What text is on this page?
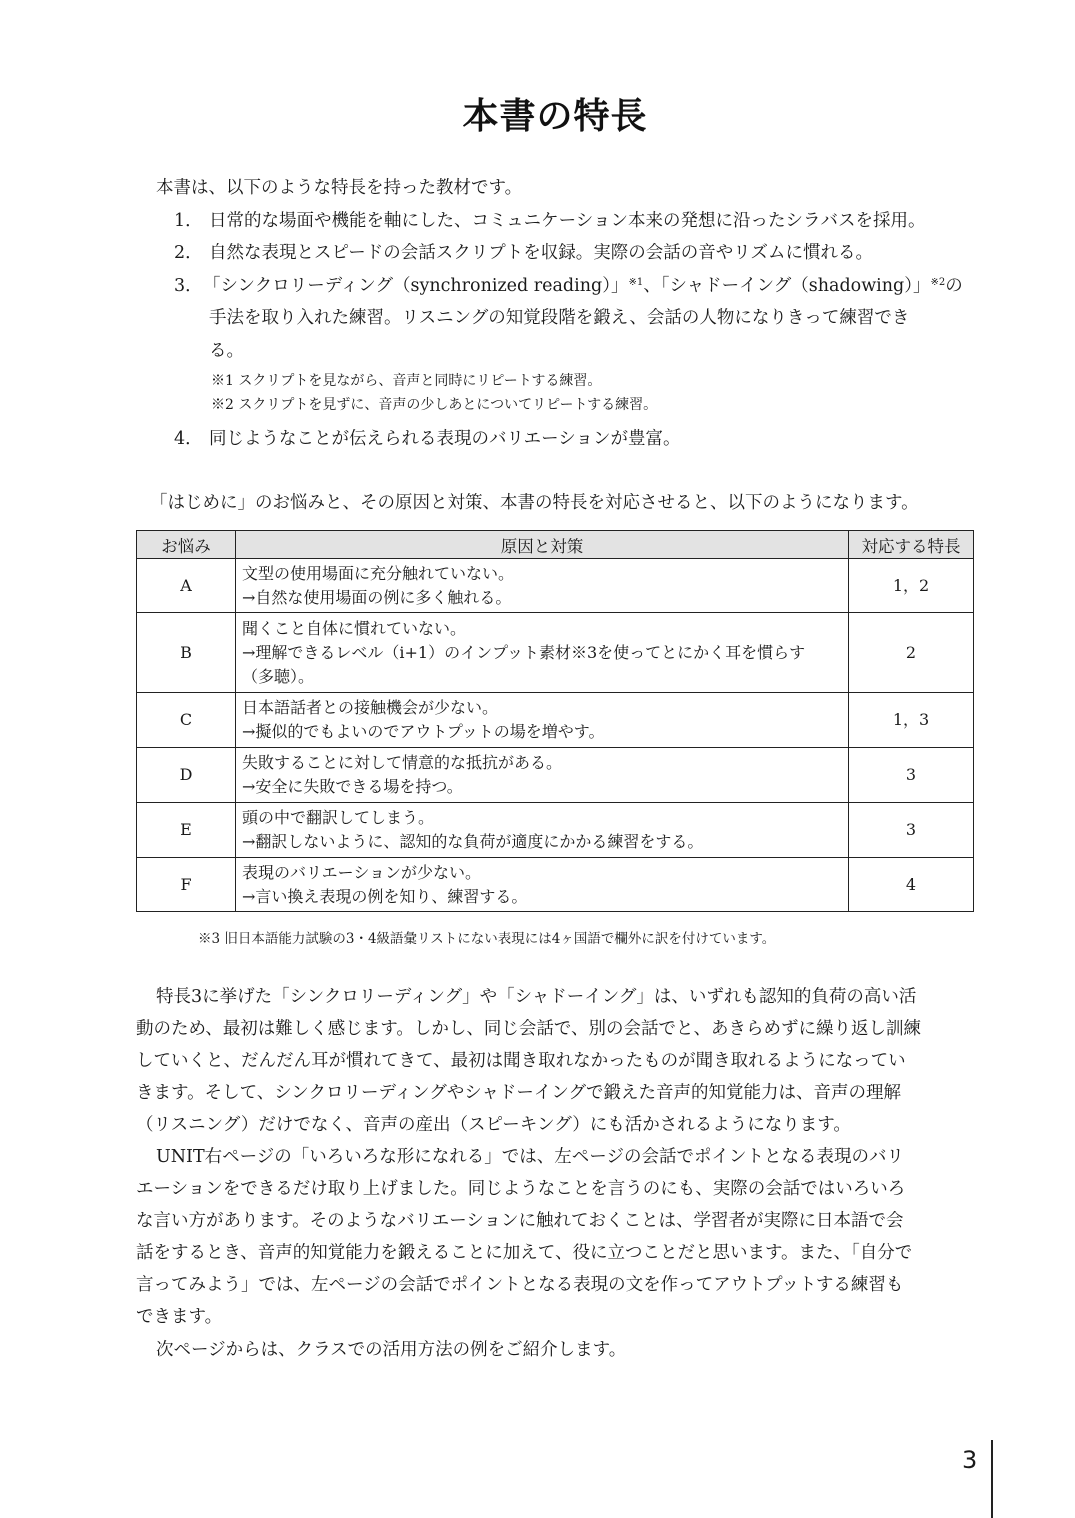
本書の特長
本書は、以下のような特長を持った教材です。
1． 日常的な場面や機能を軸にした、コミュニケーション本来の発想に沿ったシラバスを採用。
2． 自然な表現とスピードの会話スクリプトを収録。実際の会話の音やリズムに慣れる。
3． 「シンクロリーディング（synchronized reading）」$^{※1}$、「シャドーイング（shadowing）」$^{※2}$の
手法を取り入れた練習。リスニングの知覚段階を鍛え、会話の人物になりきって練習でき
る。
※1 スクリプトを見ながら、音声と同時にリピートする練習。
※2 スクリプトを見ずに、音声の少しあとについてリピートする練習。
4． 同じようなことが伝えられる表現のバリエーションが豊富。
「はじめに」のお悩みと、その原因と対策、本書の特長を対応させると、以下のようになります。
お悩み	原因と対策	対応する特長
A	文型の使用場面に充分触れていない。
→自然な使用場面の例に多く触れる。	1，2
B	聞くこと自体に慣れていない。
→理解できるレベル（i+1）のインプット素材※3を使ってとにかく耳を慣らす
（多聴）。	2
C	日本語話者との接触機会が少ない。
→擬似的でもよいのでアウトプットの場を増やす。	1，3
D	失敗することに対して情意的な抵抗がある。
→安全に失敗できる場を持つ。	3
E	頭の中で翻訳してしまう。
→翻訳しないように、認知的な負荷が適度にかかる練習をする。	3
F	表現のバリエーションが少ない。
→言い換え表現の例を知り、練習する。	4
※3 旧日本語能力試験の3・4級語彙リストにない表現には4ヶ国語で欄外に訳を付けています。
特長3に挙げた「シンクロリーディング」や「シャドーイング」は、いずれも認知的負荷の高い活
動のため、最初は難しく感じます。しかし、同じ会話で、別の会話でと、あきらめずに繰り返し訓練
していくと、だんだん耳が慣れてきて、最初は聞き取れなかったものが聞き取れるようになってい
きます。そして、シンクロリーディングやシャドーイングで鍛えた音声的知覚能力は、音声の理解
（リスニング）だけでなく、音声の産出（スピーキング）にも活かされるようになります。
UNIT右ページの「いろいろな形になれる」では、左ページの会話でポイントとなる表現のバリ
エーションをできるだけ取り上げました。同じようなことを言うのにも、実際の会話ではいろいろ
な言い方があります。そのようなバリエーションに触れておくことは、学習者が実際に日本語で会
話をするとき、音声的知覚能力を鍛えることに加えて、役に立つことだと思います。また、「自分で
言ってみよう」では、左ページの会話でポイントとなる表現の文を作ってアウトプットする練習も
できます。
次ページからは、クラスでの活用方法の例をご紹介します。
3
